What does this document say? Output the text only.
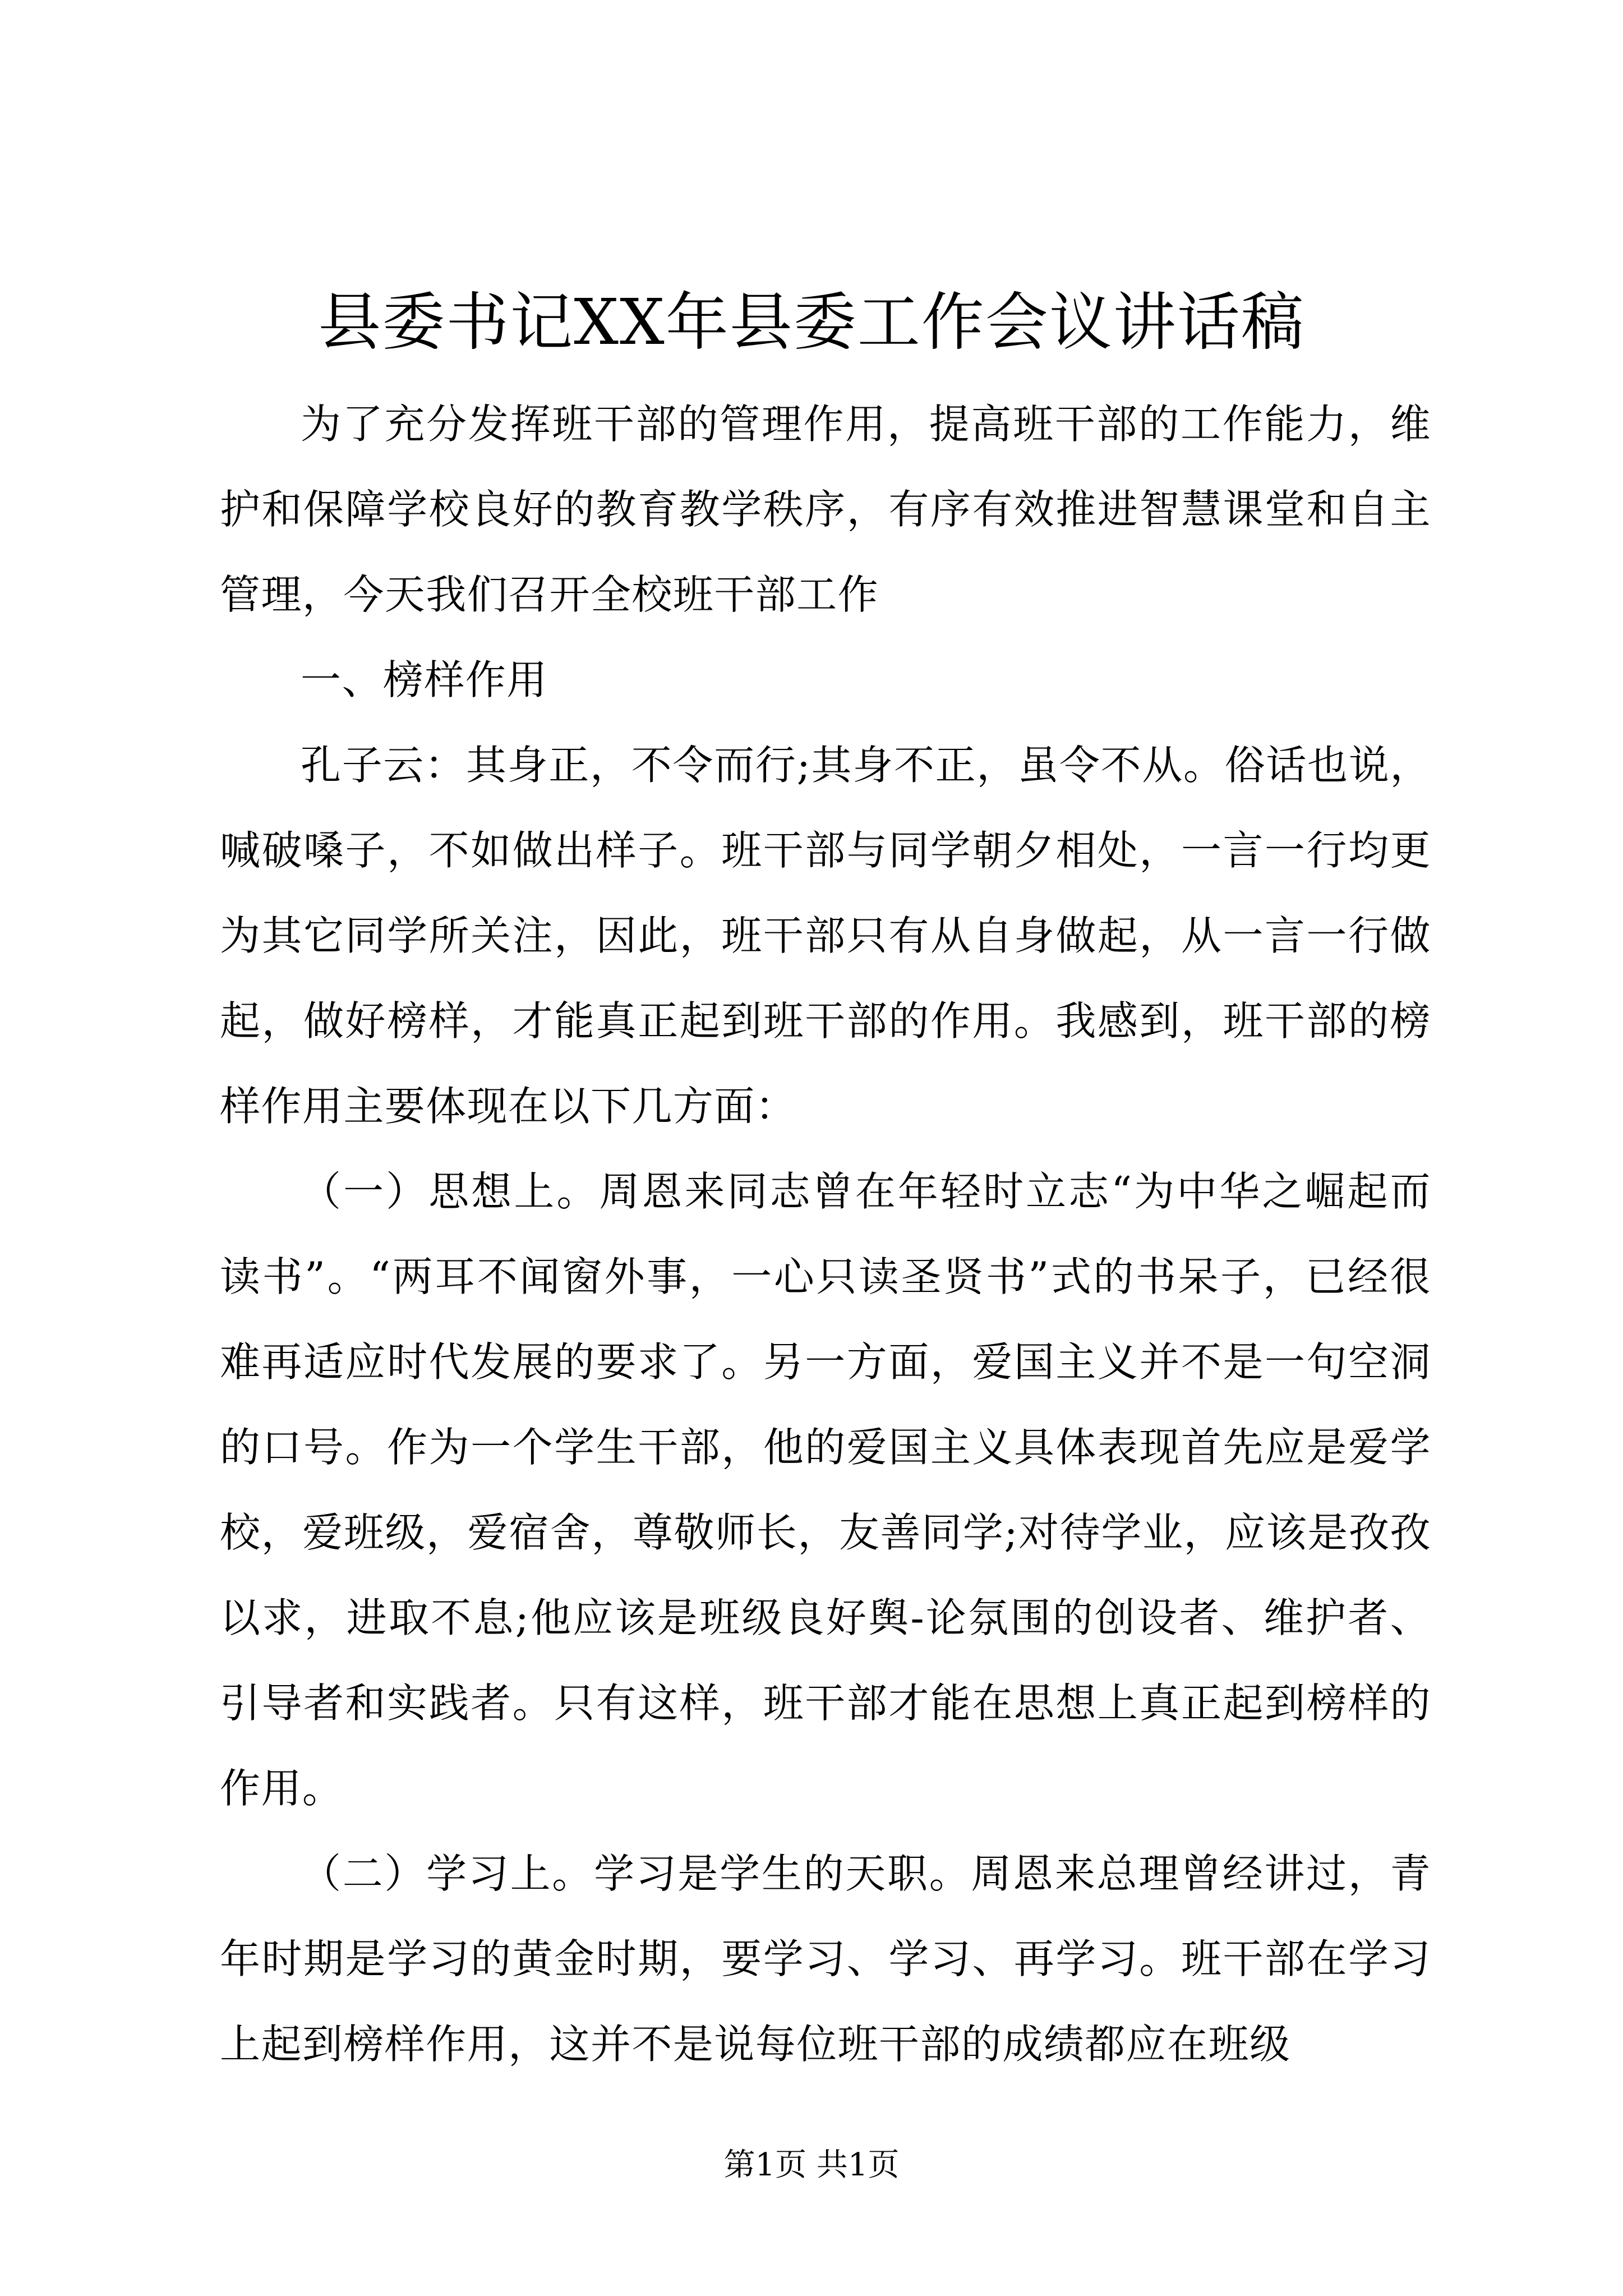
县委书记XX年县委工作会议讲话稿

为了充分发挥班干部的管理作用，提高班干部的工作能力，维护和保障学校良好的教育教学秩序，有序有效推进智慧课堂和自主管理，今天我们召开全校班干部工作

一、榜样作用

孔子云：其身正，不令而行;其身不正，虽令不从。俗话也说，喊破嗓子，不如做出样子。班干部与同学朝夕相处，一言一行均更为其它同学所关注，因此，班干部只有从自身做起，从一言一行做起，做好榜样，才能真正起到班干部的作用。我感到，班干部的榜样作用主要体现在以下几方面：

（一）思想上。周恩来同志曾在年轻时立志“为中华之崛起而读书”。“两耳不闻窗外事，一心只读圣贤书”式的书呆子，已经很难再适应时代发展的要求了。另一方面，爱国主义并不是一句空洞的口号。作为一个学生干部，他的爱国主义具体表现首先应是爱学校，爱班级，爱宿舍，尊敬师长，友善同学;对待学业，应该是孜孜以求，进取不息;他应该是班级良好舆-论氛围的创设者、维护者、引导者和实践者。只有这样，班干部才能在思想上真正起到榜样的作用。

（二）学习上。学习是学生的天职。周恩来总理曾经讲过，青年时期是学习的黄金时期，要学习、学习、再学习。班干部在学习上起到榜样作用，这并不是说每位班干部的成绩都应在班级

第1页 共1页
